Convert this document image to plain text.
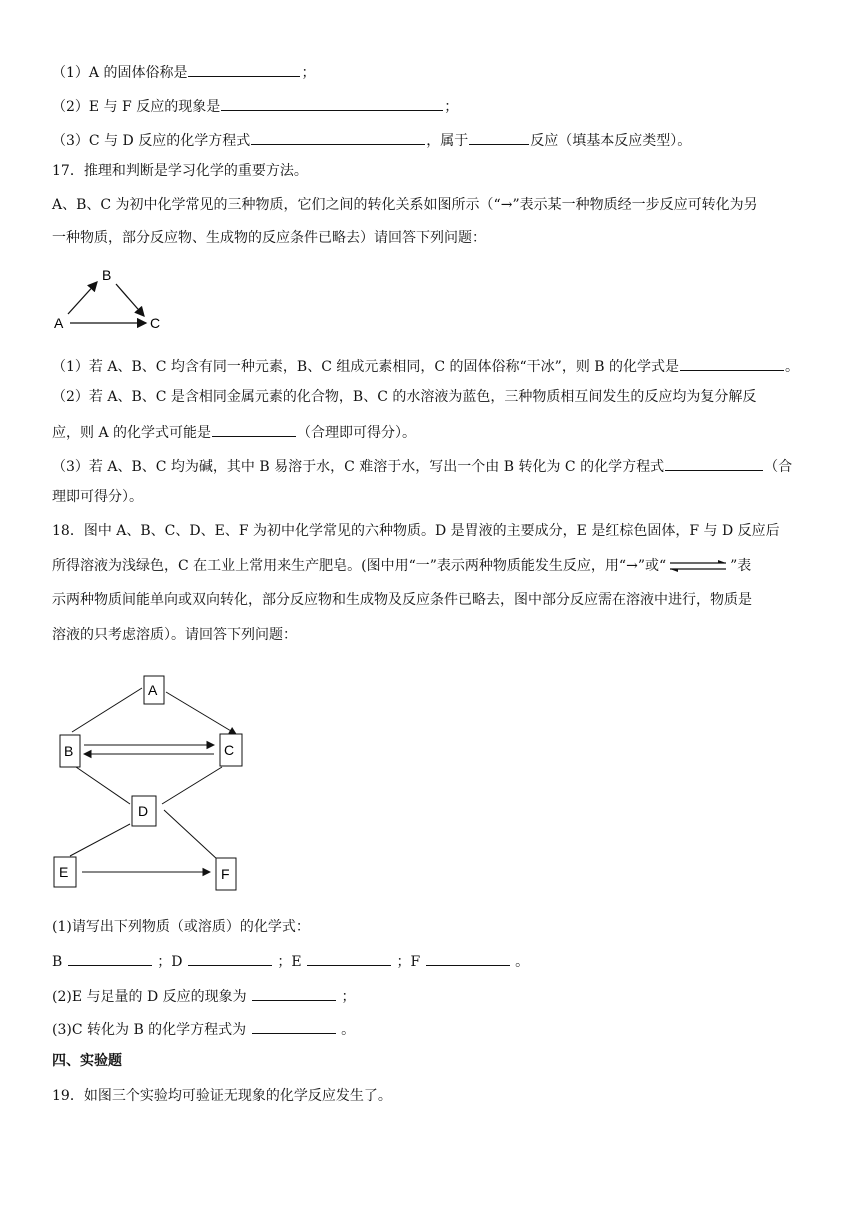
（1）A 的固体俗称是	；
（2）E 与 F 反应的现象是	；
（3）C 与 D 反应的化学方程式	，属于	反应（填基本反应类型）。
17．推理和判断是学习化学的重要方法。
A、B、C 为初中化学常见的三种物质，它们之间的转化关系如图所示（“→”表示某一种物质经一步反应可转化为另
一种物质，部分反应物、生成物的反应条件已略去）请回答下列问题：
B
A	C
（1）若 A、B、C 均含有同一种元素，B、C 组成元素相同，C 的固体俗称“干冰”，则 B 的化学式是	。
（2）若 A、B、C 是含相同金属元素的化合物，B、C 的水溶液为蓝色，三种物质相互间发生的反应均为复分解反
应，则 A 的化学式可能是	（合理即可得分）。
（3）若 A、B、C 均为碱，其中 B 易溶于水，C 难溶于水，写出一个由 B 转化为 C 的化学方程式	（合
理即可得分）。
18．图中 A、B、C、D、E、F 为初中化学常见的六种物质。D 是胃液的主要成分，E 是红棕色固体，F 与 D 反应后
所得溶液为浅绿色，C 在工业上常用来生产肥皂。(图中用“一”表示两种物质能发生反应，用“→”或“	”表
示两种物质间能单向或双向转化，部分反应物和生成物及反应条件已略去，图中部分反应需在溶液中进行，物质是
溶液的只考虑溶质）。请回答下列问题：
A
B	C
D
E	F
(1)请写出下列物质（或溶质）的化学式：
B	；D	；E	；F	。
(2)E 与足量的 D 反应的现象为	；
(3)C 转化为 B 的化学方程式为	。
四、实验题
19．如图三个实验均可验证无现象的化学反应发生了。
